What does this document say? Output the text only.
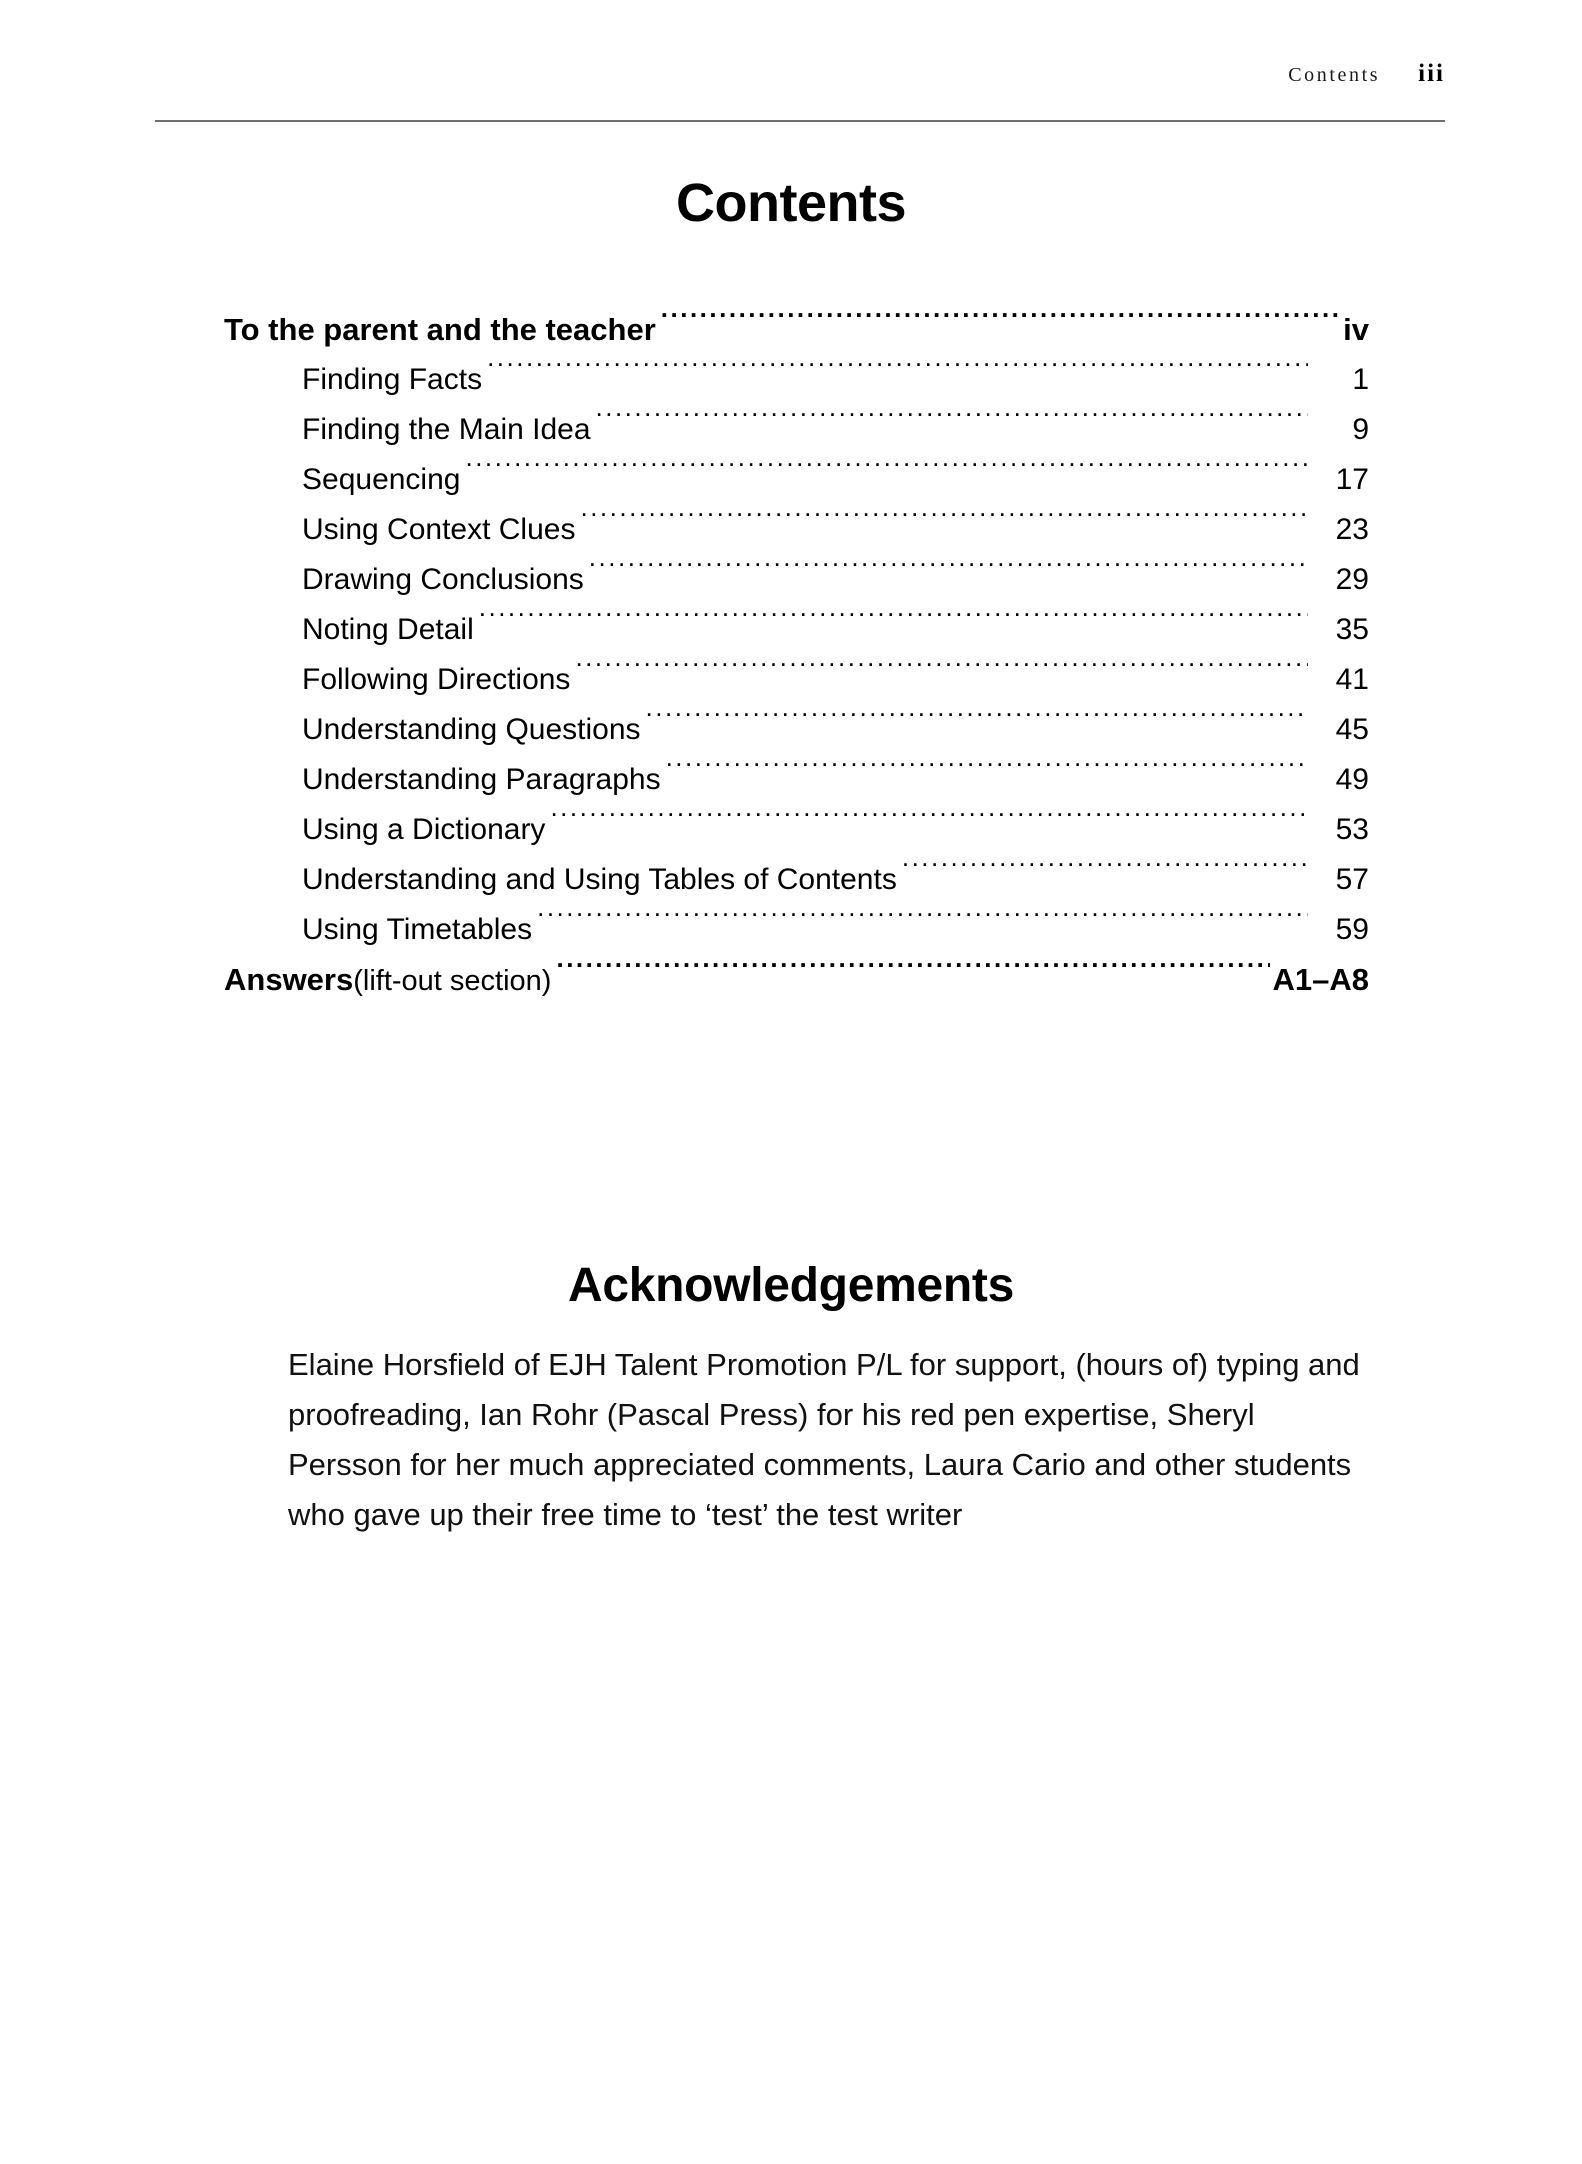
Contents iii
Contents
To the parent and the teacher .....	iv
Finding Facts .....	1
Finding the Main Idea .....	9
Sequencing .....	17
Using Context Clues .....	23
Drawing Conclusions .....	29
Noting Detail .....	35
Following Directions .....	41
Understanding Questions .....	45
Understanding Paragraphs .....	49
Using a Dictionary .....	53
Understanding and Using Tables of Contents .....	57
Using Timetables .....	59
Answers (lift-out section) .....	A1–A8
Acknowledgements
Elaine Horsfield of EJH Talent Promotion P/L for support, (hours of) typing and proofreading, Ian Rohr (Pascal Press) for his red pen expertise, Sheryl Persson for her much appreciated comments, Laura Cario and other students who gave up their free time to ‘test’ the test writer
